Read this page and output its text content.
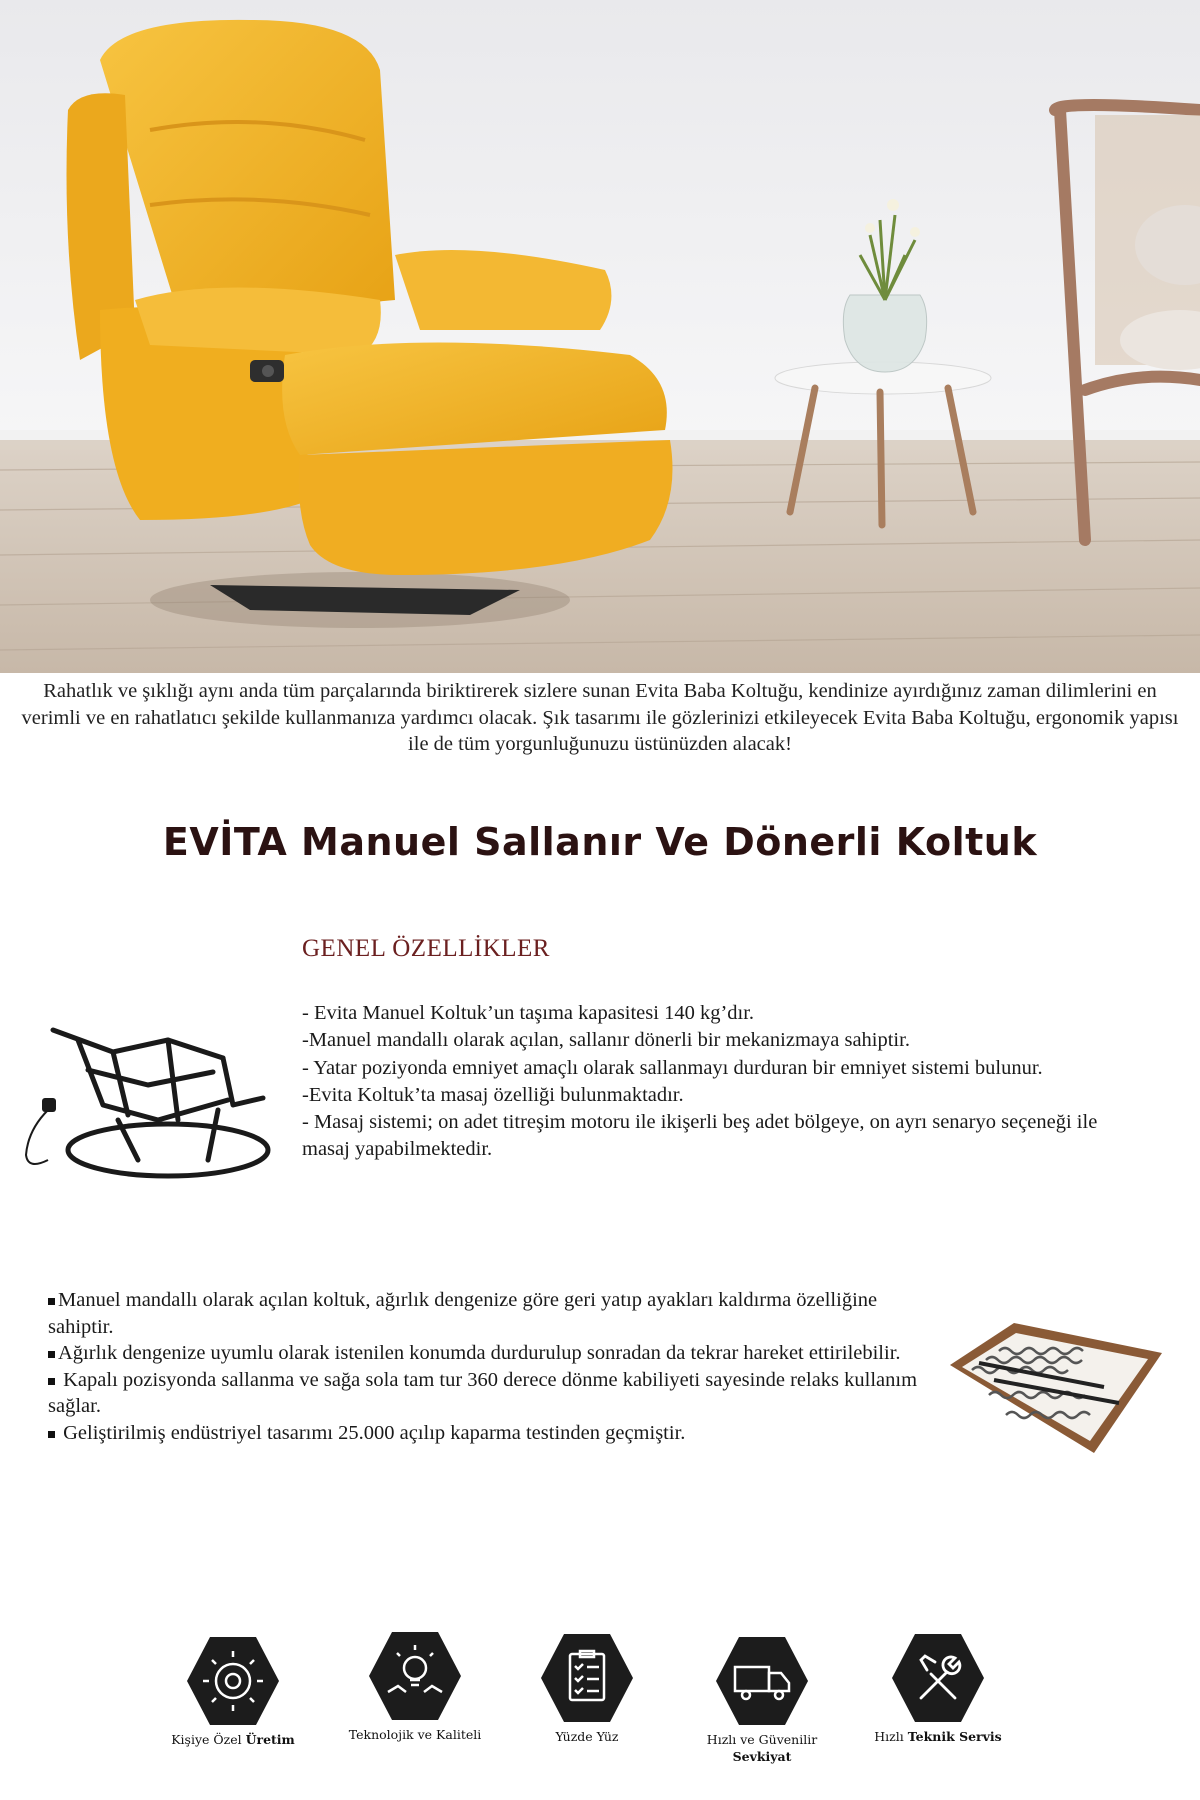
Rahatlık ve şıklığı aynı anda tüm parçalarında biriktirerek sizlere sunan Evita Baba Koltuğu, kendinize ayırdığınız zaman dilimlerini en verimli ve en rahatlatıcı şekilde kullanmanıza yardımcı olacak. Şık tasarımı ile gözlerinizi etkileyecek Evita Baba Koltuğu, ergonomik yapısı ile de tüm yorgunluğunuzu üstünüzden alacak!

EVİTA Manuel Sallanır Ve Dönerli Koltuk
GENEL ÖZELLİKLER

- Evita Manuel Koltuk’un taşıma kapasitesi 140 kg’dır.

-Manuel mandallı olarak açılan, sallanır dönerli bir mekanizmaya sahiptir.

- Yatar poziyonda emniyet amaçlı olarak sallanmayı durduran bir emniyet sistemi bulunur.

-Evita Koltuk’ta masaj özelliği bulunmaktadır.

- Masaj sistemi; on adet titreşim motoru ile ikişerli beş adet bölgeye, on ayrı senaryo seçeneği ile masaj yapabilmektedir.

Manuel mandallı olarak açılan koltuk, ağırlık dengenize göre geri yatıp ayakları kaldırma özelliğine sahiptir.

Ağırlık dengenize uyumlu olarak istenilen konumda durdurulup sonradan da tekrar hareket ettirilebilir.

Kapalı pozisyonda sallanma ve sağa sola tam tur 360 derece dönme kabiliyeti sayesinde relaks kullanım sağlar.

Geliştirilmiş endüstriyel tasarımı 25.000 açılıp kaparma testinden geçmiştir.

Kişiye Özel Üretim	Teknolojik ve Kaliteli	Yüzde Yüz	Hızlı ve Güvenilir
Sevkiyat
Hızlı Teknik Servis
